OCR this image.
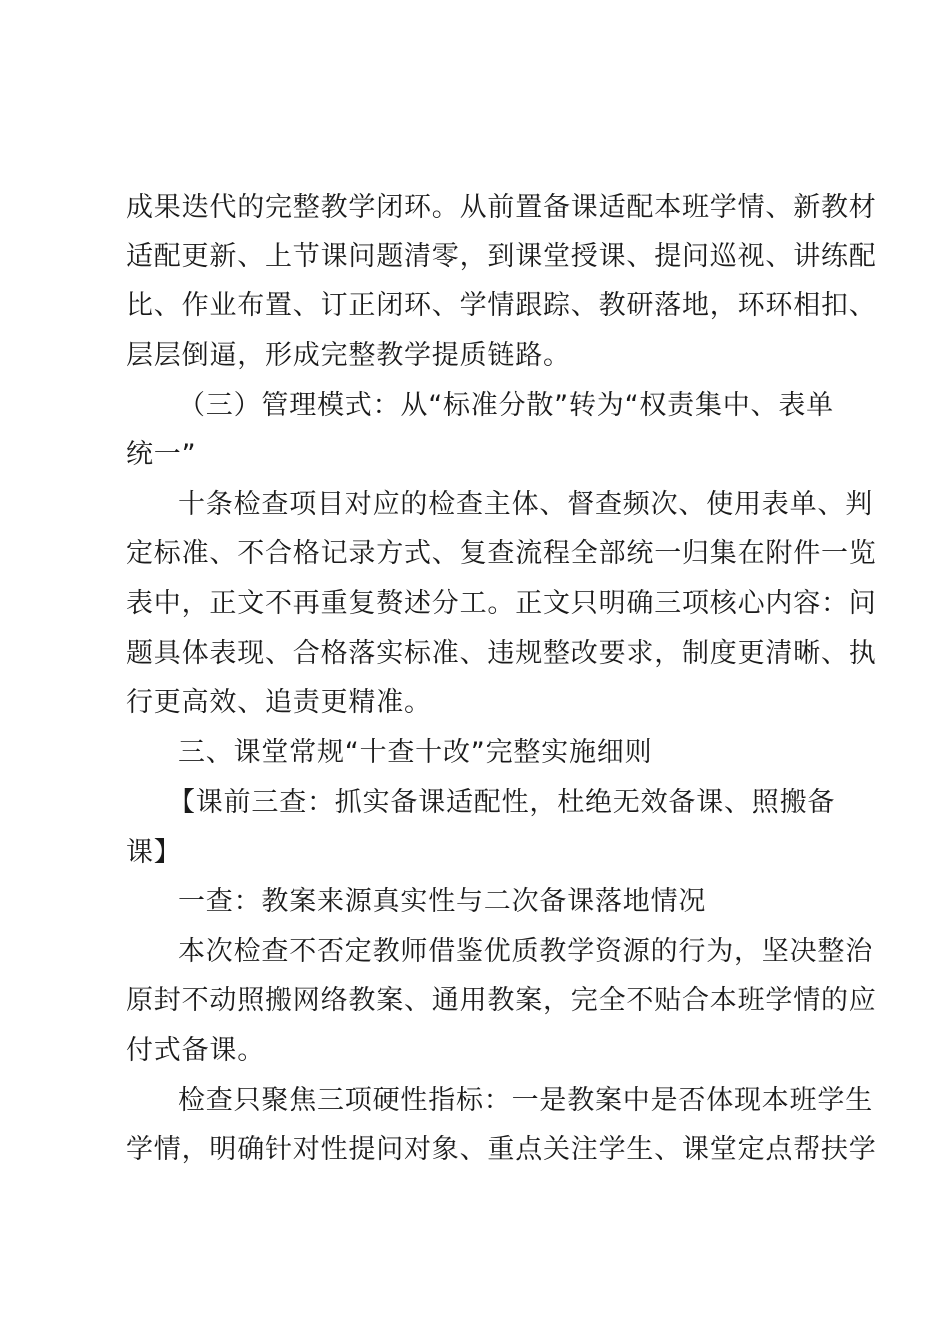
成果迭代的完整教学闭环。从前置备课适配本班学情、新教材
适配更新、上节课问题清零，到课堂授课、提问巡视、讲练配
比、作业布置、订正闭环、学情跟踪、教研落地，环环相扣、
层层倒逼，形成完整教学提质链路。
（三）管理模式：从“标准分散”转为“权责集中、表单
统一”
十条检查项目对应的检查主体、督查频次、使用表单、判
定标准、不合格记录方式、复查流程全部统一归集在附件一览
表中，正文不再重复赘述分工。正文只明确三项核心内容：问
题具体表现、合格落实标准、违规整改要求，制度更清晰、执
行更高效、追责更精准。
三、课堂常规“十查十改”完整实施细则
【课前三查：抓实备课适配性，杜绝无效备课、照搬备
课】
一查：教案来源真实性与二次备课落地情况
本次检查不否定教师借鉴优质教学资源的行为，坚决整治
原封不动照搬网络教案、通用教案，完全不贴合本班学情的应
付式备课。
检查只聚焦三项硬性指标：一是教案中是否体现本班学生
学情，明确针对性提问对象、重点关注学生、课堂定点帮扶学
